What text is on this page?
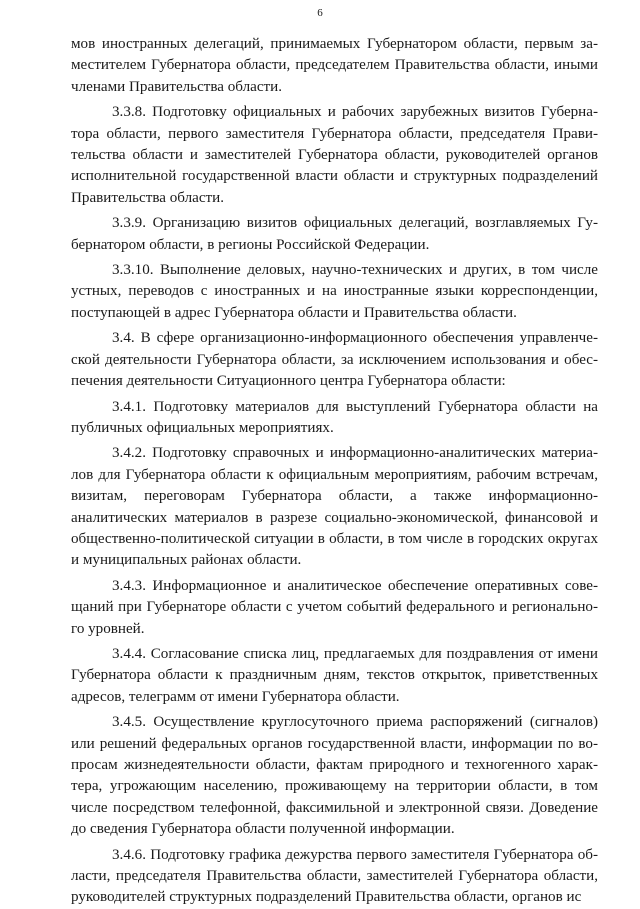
6

мов иностранных делегаций, принимаемых Губернатором области, первым заместителем Губернатора области, председателем Правительства области, иными членами Правительства области.

3.3.8. Подготовку официальных и рабочих зарубежных визитов Губернатора области, первого заместителя Губернатора области, председателя Правительства области и заместителей Губернатора области, руководителей органов исполнительной государственной власти области и структурных подразделений Правительства области.

3.3.9. Организацию визитов официальных делегаций, возглавляемых Губернатором области, в регионы Российской Федерации.

3.3.10. Выполнение деловых, научно-технических и других, в том числе устных, переводов с иностранных и на иностранные языки корреспонденции, поступающей в адрес Губернатора области и Правительства области.

3.4. В сфере организационно-информационного обеспечения управленческой деятельности Губернатора области, за исключением использования и обеспечения деятельности Ситуационного центра Губернатора области:

3.4.1. Подготовку материалов для выступлений Губернатора области на публичных официальных мероприятиях.

3.4.2. Подготовку справочных и информационно-аналитических материалов для Губернатора области к официальным мероприятиям, рабочим встречам, визитам, переговорам Губернатора области, а также информационно-аналитических материалов в разрезе социально-экономической, финансовой и общественно-политической ситуации в области, в том числе в городских округах и муниципальных районах области.

3.4.3. Информационное и аналитическое обеспечение оперативных совещаний при Губернаторе области с учетом событий федерального и регионального уровней.

3.4.4. Согласование списка лиц, предлагаемых для поздравления от имени Губернатора области к праздничным дням, текстов открыток, приветственных адресов, телеграмм от имени Губернатора области.

3.4.5. Осуществление круглосуточного приема распоряжений (сигналов) или решений федеральных органов государственной власти, информации по вопросам жизнедеятельности области, фактам природного и техногенного характера, угрожающим населению, проживающему на территории области, в том числе посредством телефонной, факсимильной и электронной связи. Доведение до сведения Губернатора области полученной информации.

3.4.6. Подготовку графика дежурства первого заместителя Губернатора области, председателя Правительства области, заместителей Губернатора области, руководителей структурных подразделений Правительства области, органов ис
